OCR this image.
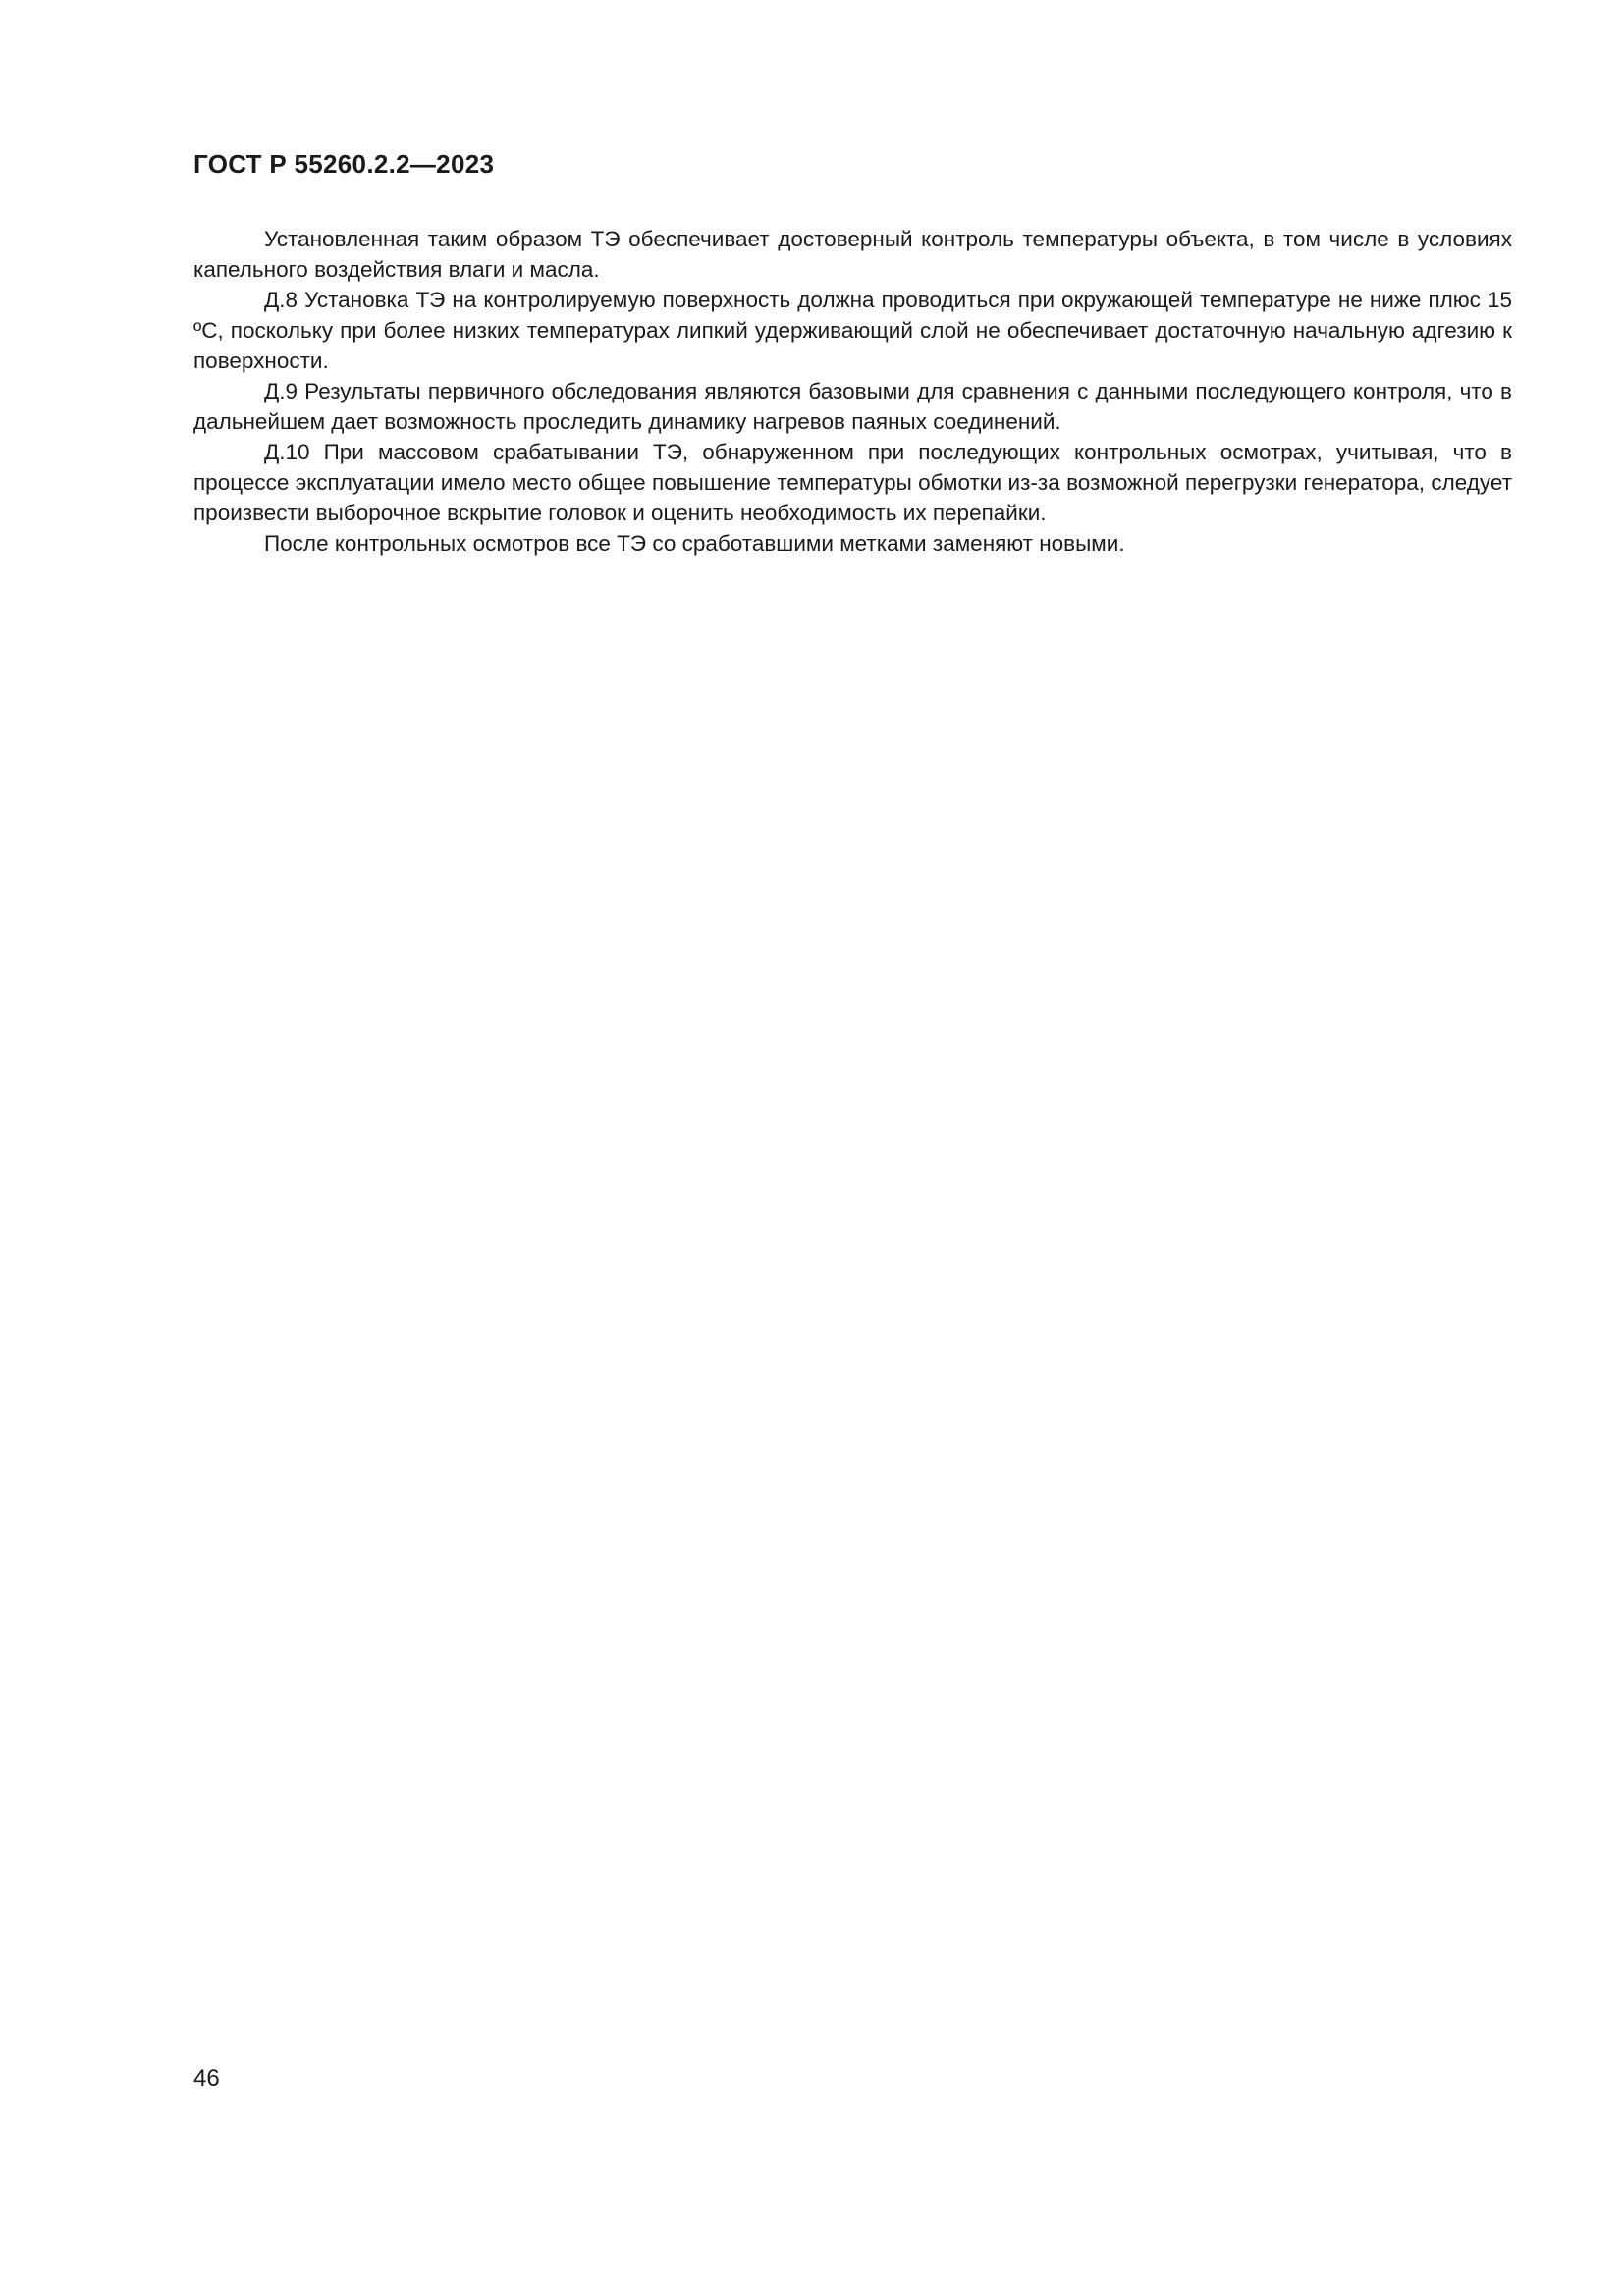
ГОСТ Р 55260.2.2—2023

Установленная таким образом ТЭ обеспечивает достоверный контроль температуры объекта, в том числе в условиях капельного воздействия влаги и масла.

Д.8 Установка ТЭ на контролируемую поверхность должна проводиться при окружающей температуре не ниже плюс 15 ºС, поскольку при более низких температурах липкий удерживающий слой не обеспечивает достаточную начальную адгезию к поверхности.

Д.9 Результаты первичного обследования являются базовыми для сравнения с данными последующего контроля, что в дальнейшем дает возможность проследить динамику нагревов паяных соединений.

Д.10 При массовом срабатывании ТЭ, обнаруженном при последующих контрольных осмотрах, учитывая, что в процессе эксплуатации имело место общее повышение температуры обмотки из-за возможной перегрузки генератора, следует произвести выборочное вскрытие головок и оценить необходимость их перепайки.

После контрольных осмотров все ТЭ со сработавшими метками заменяют новыми.

46
